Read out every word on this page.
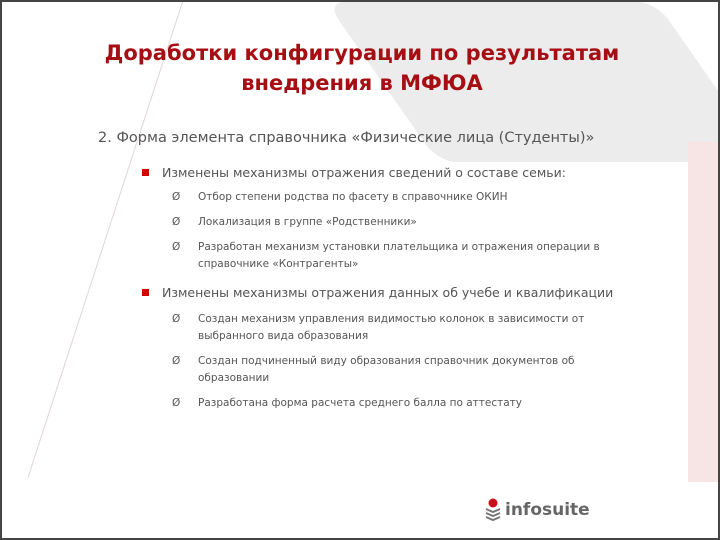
Доработки конфигурации по результатам внедрения в МФЮА
2. Форма элемента справочника «Физические лица (Студенты)»
Изменены механизмы отражения сведений о составе семьи:
Ø Отбор степени родства по фасету в справочнике ОКИН
Ø Локализация в группе «Родственники»
Ø Разработан механизм установки плательщика и отражения операции в справочнике «Контрагенты»
Изменены механизмы отражения данных об учебе и квалификации
Ø Создан механизм управления видимостью колонок в зависимости от выбранного вида образования
Ø Создан подчиненный виду образования справочник документов об образовании
Ø Разработана форма расчета среднего балла по аттестату
infosuite
